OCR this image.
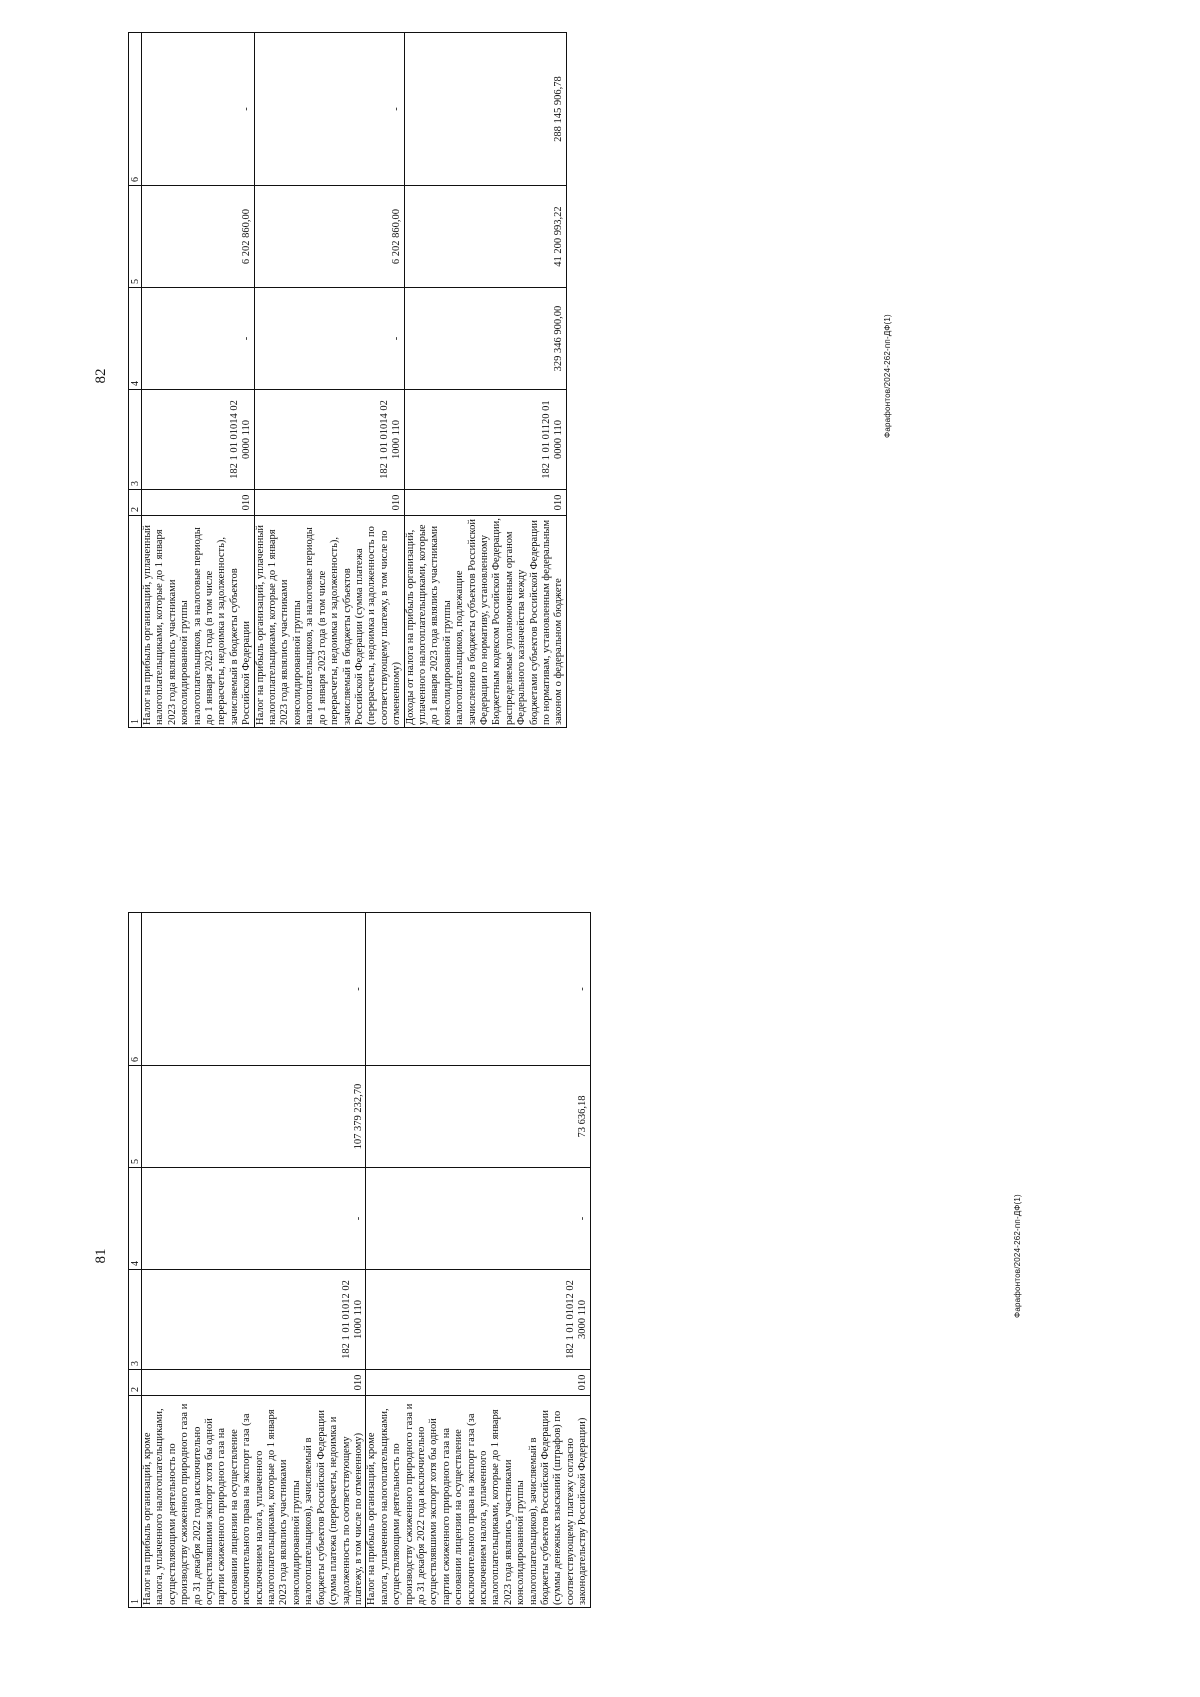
81
1	2	3	4	5	6
Налог на прибыль организаций, кроме налога, уплаченного налогоплательщиками, осуществляющими деятельность по производству сжиженного природного газа и до 31 декабря 2022 года исключительно осуществлявшими экспорт хотя бы одной партии сжиженного природного газа на основании лицензии на осуществление исключительного права на экспорт газа (за исключением налога, уплаченного налогоплательщиками, которые до 1 января 2023 года являлись участниками консолидированной группы налогоплательщиков), зачисляемый в бюджеты субъектов Российской Федерации (сумма платежа (перерасчеты, недоимка и задолженность по соответствующему платежу, в том числе по отмененному)	010	182 1 01 01012 02 1000 110	-	107 379 232,70	-
Налог на прибыль организаций, кроме налога, уплаченного налогоплательщиками, осуществляющими деятельность по производству сжиженного природного газа и до 31 декабря 2022 года исключительно осуществлявшими экспорт хотя бы одной партии сжиженного природного газа на основании лицензии на осуществление исключительного права на экспорт газа (за исключением налога, уплаченного налогоплательщиками, которые до 1 января 2023 года являлись участниками консолидированной группы налогоплательщиков), зачисляемый в бюджеты субъектов Российской Федерации (суммы денежных взысканий (штрафов) по соответствующему платежу согласно законодательству Российской Федерации)	010	182 1 01 01012 02 3000 110	-	73 636,18	-
Фарафонтов/2024-262-пп-ДФ(1)
82
1	2	3	4	5	6
Налог на прибыль организаций, уплаченный налогоплательщиками, которые до 1 января 2023 года являлись участниками консолидированной группы налогоплательщиков, за налоговые периоды до 1 января 2023 года (в том числе перерасчеты, недоимка и задолженность), зачисляемый в бюджеты субъектов Российской Федерации	010	182 1 01 01014 02 0000 110	-	6 202 860,00	-
Налог на прибыль организаций, уплаченный налогоплательщиками, которые до 1 января 2023 года являлись участниками консолидированной группы налогоплательщиков, за налоговые периоды до 1 января 2023 года (в том числе перерасчеты, недоимка и задолженность), зачисляемый в бюджеты субъектов Российской Федерации (сумма платежа (перерасчеты, недоимка и задолженность по соответствующему платежу, в том числе по отмененному)	010	182 1 01 01014 02 1000 110	-	6 202 860,00	-
Доходы от налога на прибыль организаций, уплаченного налогоплательщиками, которые до 1 января 2023 года являлись участниками консолидированной группы налогоплательщиков, подлежащие зачислению в бюджеты субъектов Российской Федерации по нормативу, установленному Бюджетным кодексом Российской Федерации, распределяемые уполномоченным органом Федерального казначейства между бюджетами субъектов Российской Федерации по нормативам, установленным федеральным законом о федеральном бюджете	010	182 1 01 01120 01 0000 110	329 346 900,00	41 200 993,22	288 145 906,78
Фарафонтов/2024-262-пп-ДФ(1)
